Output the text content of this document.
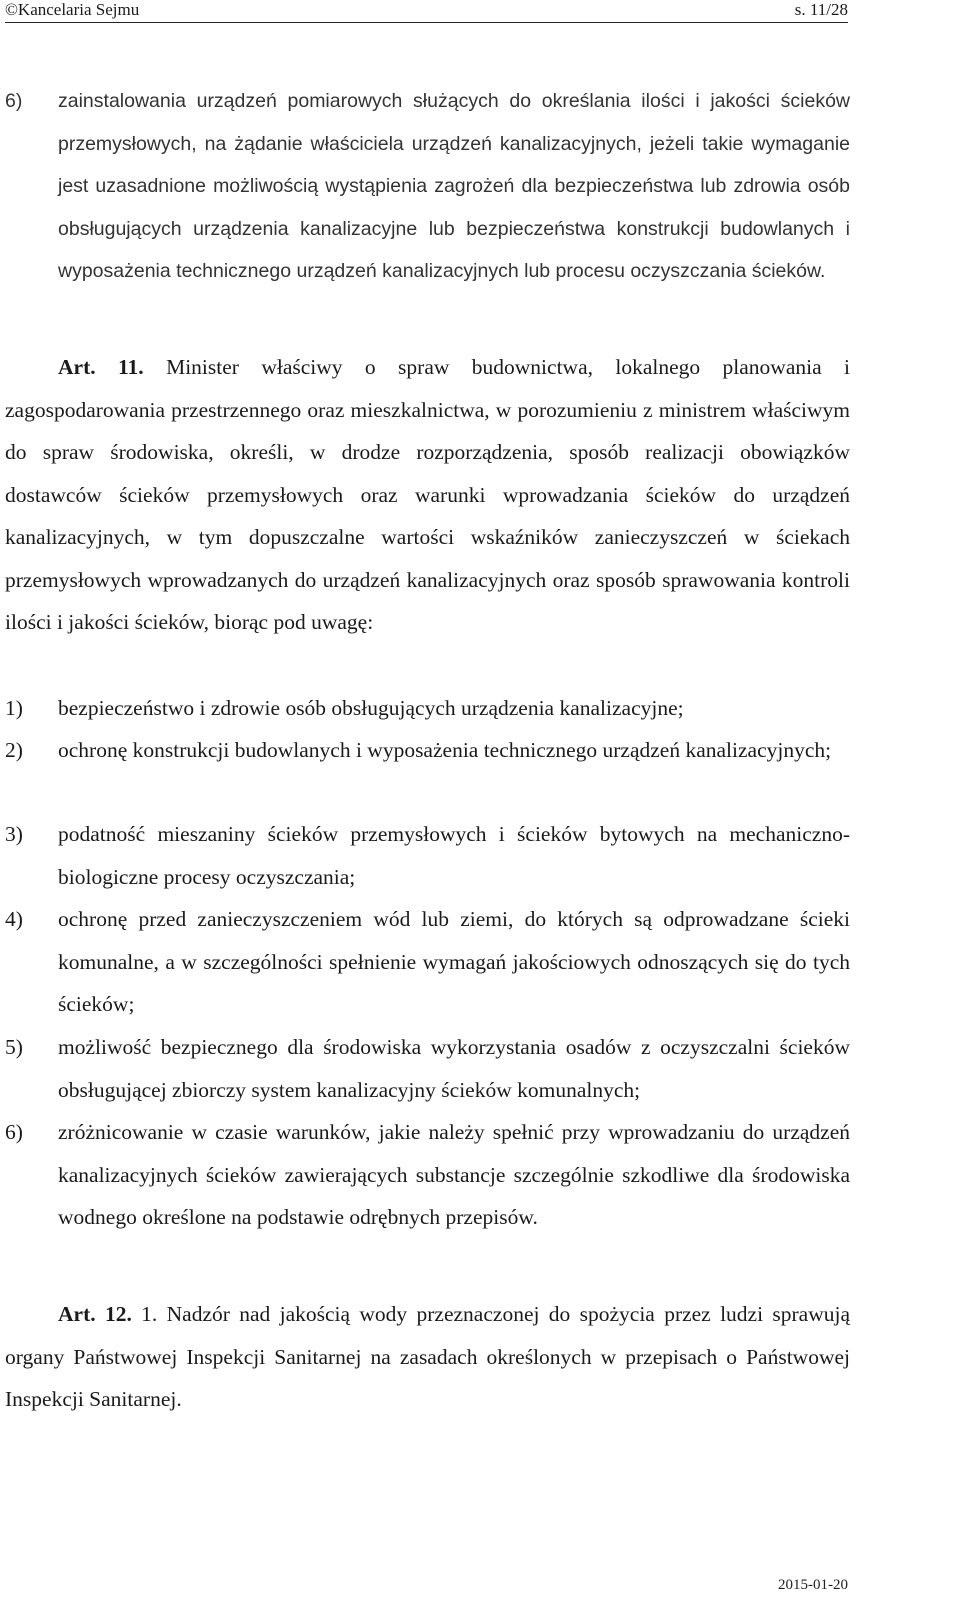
©Kancelaria Sejmu	s. 11/28
6)	zainstalowania urządzeń pomiarowych służących do określania ilości i jakości ścieków przemysłowych, na żądanie właściciela urządzeń kanalizacyjnych, jeżeli takie wymaganie jest uzasadnione możliwością wystąpienia zagrożeń dla bezpieczeństwa lub zdrowia osób obsługujących urządzenia kanalizacyjne lub bezpieczeństwa konstrukcji budowlanych i wyposażenia technicznego urządzeń kanalizacyjnych lub procesu oczyszczania ścieków.
Art. 11. Minister właściwy o spraw budownictwa, lokalnego planowania i zagospodarowania przestrzennego oraz mieszkalnictwa, w porozumieniu z ministrem właściwym do spraw środowiska, określi, w drodze rozporządzenia, sposób realizacji obowiązków dostawców ścieków przemysłowych oraz warunki wprowadzania ścieków do urządzeń kanalizacyjnych, w tym dopuszczalne wartości wskaźników zanieczyszczeń w ściekach przemysłowych wprowadzanych do urządzeń kanalizacyjnych oraz sposób sprawowania kontroli ilości i jakości ścieków, biorąc pod uwagę:
1)	bezpieczeństwo i zdrowie osób obsługujących urządzenia kanalizacyjne;
2)	ochronę konstrukcji budowlanych i wyposażenia technicznego urządzeń kanalizacyjnych;
3)	podatność mieszaniny ścieków przemysłowych i ścieków bytowych na mechaniczno-biologiczne procesy oczyszczania;
4)	ochronę przed zanieczyszczeniem wód lub ziemi, do których są odprowadzane ścieki komunalne, a w szczególności spełnienie wymagań jakościowych odnoszących się do tych ścieków;
5)	możliwość bezpiecznego dla środowiska wykorzystania osadów z oczyszczalni ścieków obsługującej zbiorczy system kanalizacyjny ścieków komunalnych;
6)	zróżnicowanie w czasie warunków, jakie należy spełnić przy wprowadzaniu do urządzeń kanalizacyjnych ścieków zawierających substancje szczególnie szkodliwe dla środowiska wodnego określone na podstawie odrębnych przepisów.
Art. 12. 1. Nadzór nad jakością wody przeznaczonej do spożycia przez ludzi sprawują organy Państwowej Inspekcji Sanitarnej na zasadach określonych w przepisach o Państwowej Inspekcji Sanitarnej.
2015-01-20
